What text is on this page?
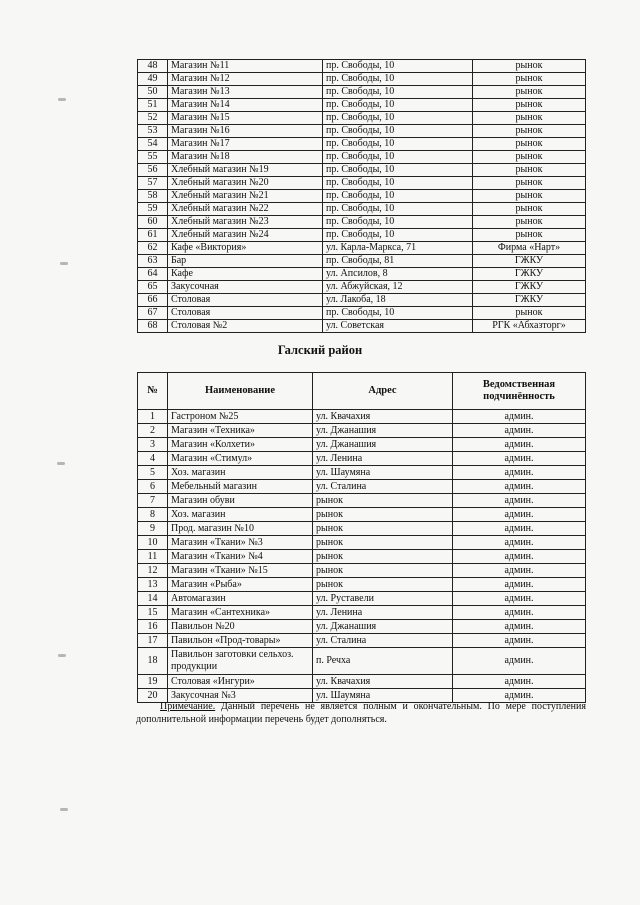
48	Магазин №11	пр. Свободы, 10	рынок
49	Магазин №12	пр. Свободы, 10	рынок
50	Магазин №13	пр. Свободы, 10	рынок
51	Магазин №14	пр. Свободы, 10	рынок
52	Магазин №15	пр. Свободы, 10	рынок
53	Магазин №16	пр. Свободы, 10	рынок
54	Магазин №17	пр. Свободы, 10	рынок
55	Магазин №18	пр. Свободы, 10	рынок
56	Хлебный магазин №19	пр. Свободы, 10	рынок
57	Хлебный магазин №20	пр. Свободы, 10	рынок
58	Хлебный магазин №21	пр. Свободы, 10	рынок
59	Хлебный магазин №22	пр. Свободы, 10	рынок
60	Хлебный магазин №23	пр. Свободы, 10	рынок
61	Хлебный магазин №24	пр. Свободы, 10	рынок
62	Кафе «Виктория»	ул. Карла-Маркса, 71	Фирма «Нарт»
63	Бар	пр. Свободы, 81	ГЖКУ
64	Кафе	ул. Апсилов, 8	ГЖКУ
65	Закусочная	ул. Абжуйская, 12	ГЖКУ
66	Столовая	ул. Лакоба, 18	ГЖКУ
67	Столовая	пр. Свободы, 10	рынок
68	Столовая №2	ул. Советская	РГК «Абхазторг»
Галский район
№	Наименование	Адрес	Ведомственная подчинённость
1	Гастроном №25	ул. Квачахия	админ.
2	Магазин «Техника»	ул. Джанашия	админ.
3	Магазин «Колхети»	ул. Джанашия	админ.
4	Магазин «Стимул»	ул. Ленина	админ.
5	Хоз. магазин	ул. Шаумяна	админ.
6	Мебельный магазин	ул. Сталина	админ.
7	Магазин обуви	рынок	админ.
8	Хоз. магазин	рынок	админ.
9	Прод. магазин №10	рынок	админ.
10	Магазин «Ткани» №3	рынок	админ.
11	Магазин «Ткани» №4	рынок	админ.
12	Магазин «Ткани» №15	рынок	админ.
13	Магазин «Рыба»	рынок	админ.
14	Автомагазин	ул. Руставели	админ.
15	Магазин «Сантехника»	ул. Ленина	админ.
16	Павильон №20	ул. Джанашия	админ.
17	Павильон «Прод-товары»	ул. Сталина	админ.
18	Павильон заготовки сельхоз. продукции	п. Речха	админ.
19	Столовая «Ингури»	ул. Квачахия	админ.
20	Закусочная №3	ул. Шаумяна	админ.
Примечание. Данный перечень не является полным и окончательным. По мере поступления дополнительной информации перечень будет дополняться.
